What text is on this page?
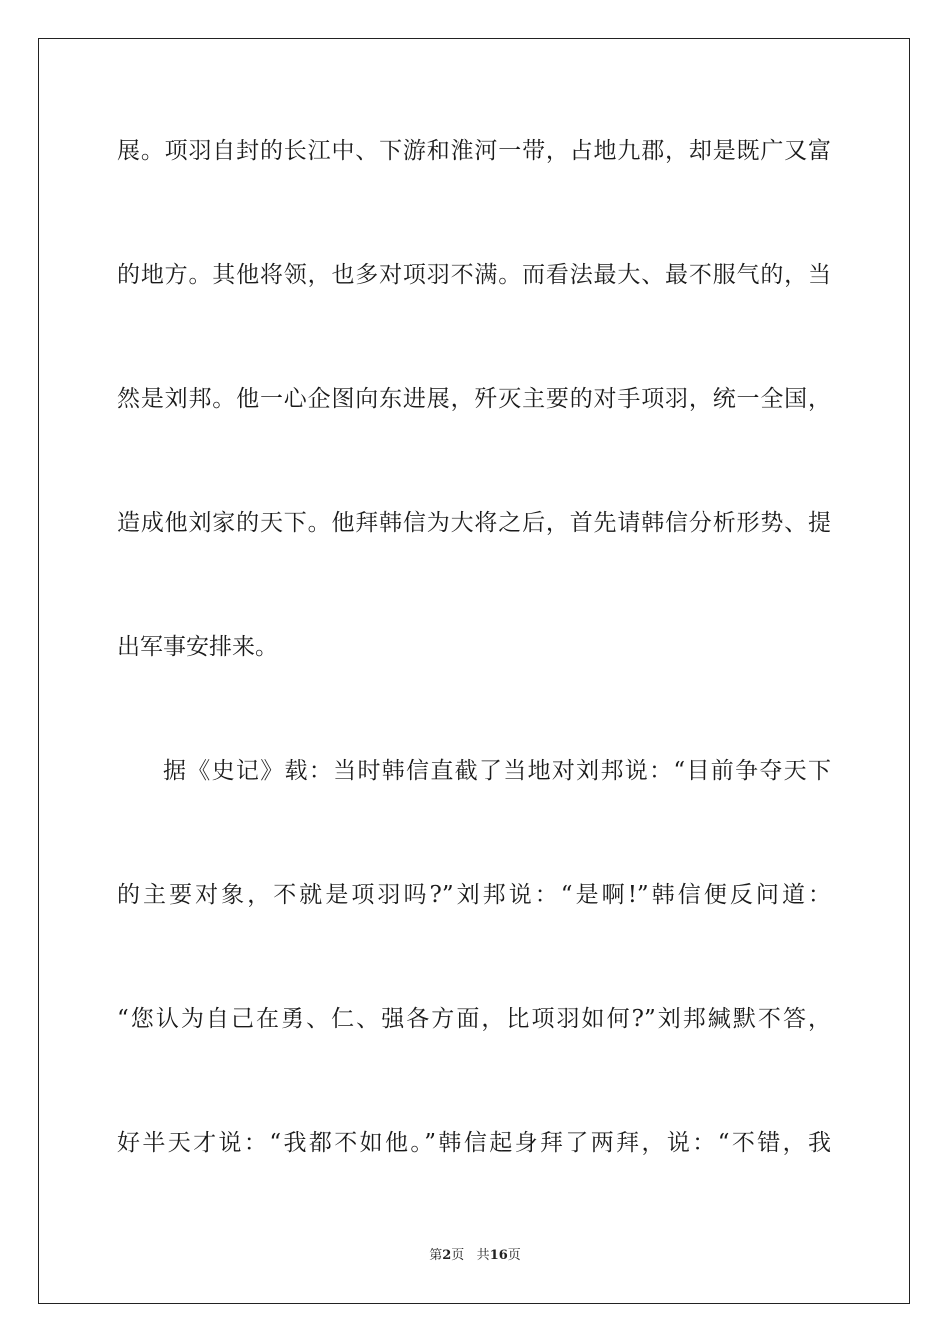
展。项羽自封的长江中、下游和淮河一带，占地九郡，却是既广又富
的地方。其他将领，也多对项羽不满。而看法最大、最不服气的，当
然是刘邦。他一心企图向东进展，歼灭主要的对手项羽，统一全国，
造成他刘家的天下。他拜韩信为大将之后，首先请韩信分析形势、提
出军事安排来。
据《史记》载：当时韩信直截了当地对刘邦说：“目前争夺天下
的主要对象，不就是项羽吗?”刘邦说：“是啊!”韩信便反问道：
“您认为自己在勇、仁、强各方面，比项羽如何?”刘邦緘默不答，
好半天才说：“我都不如他。”韩信起身拜了两拜，说：“不错，我
第2页 共16页
